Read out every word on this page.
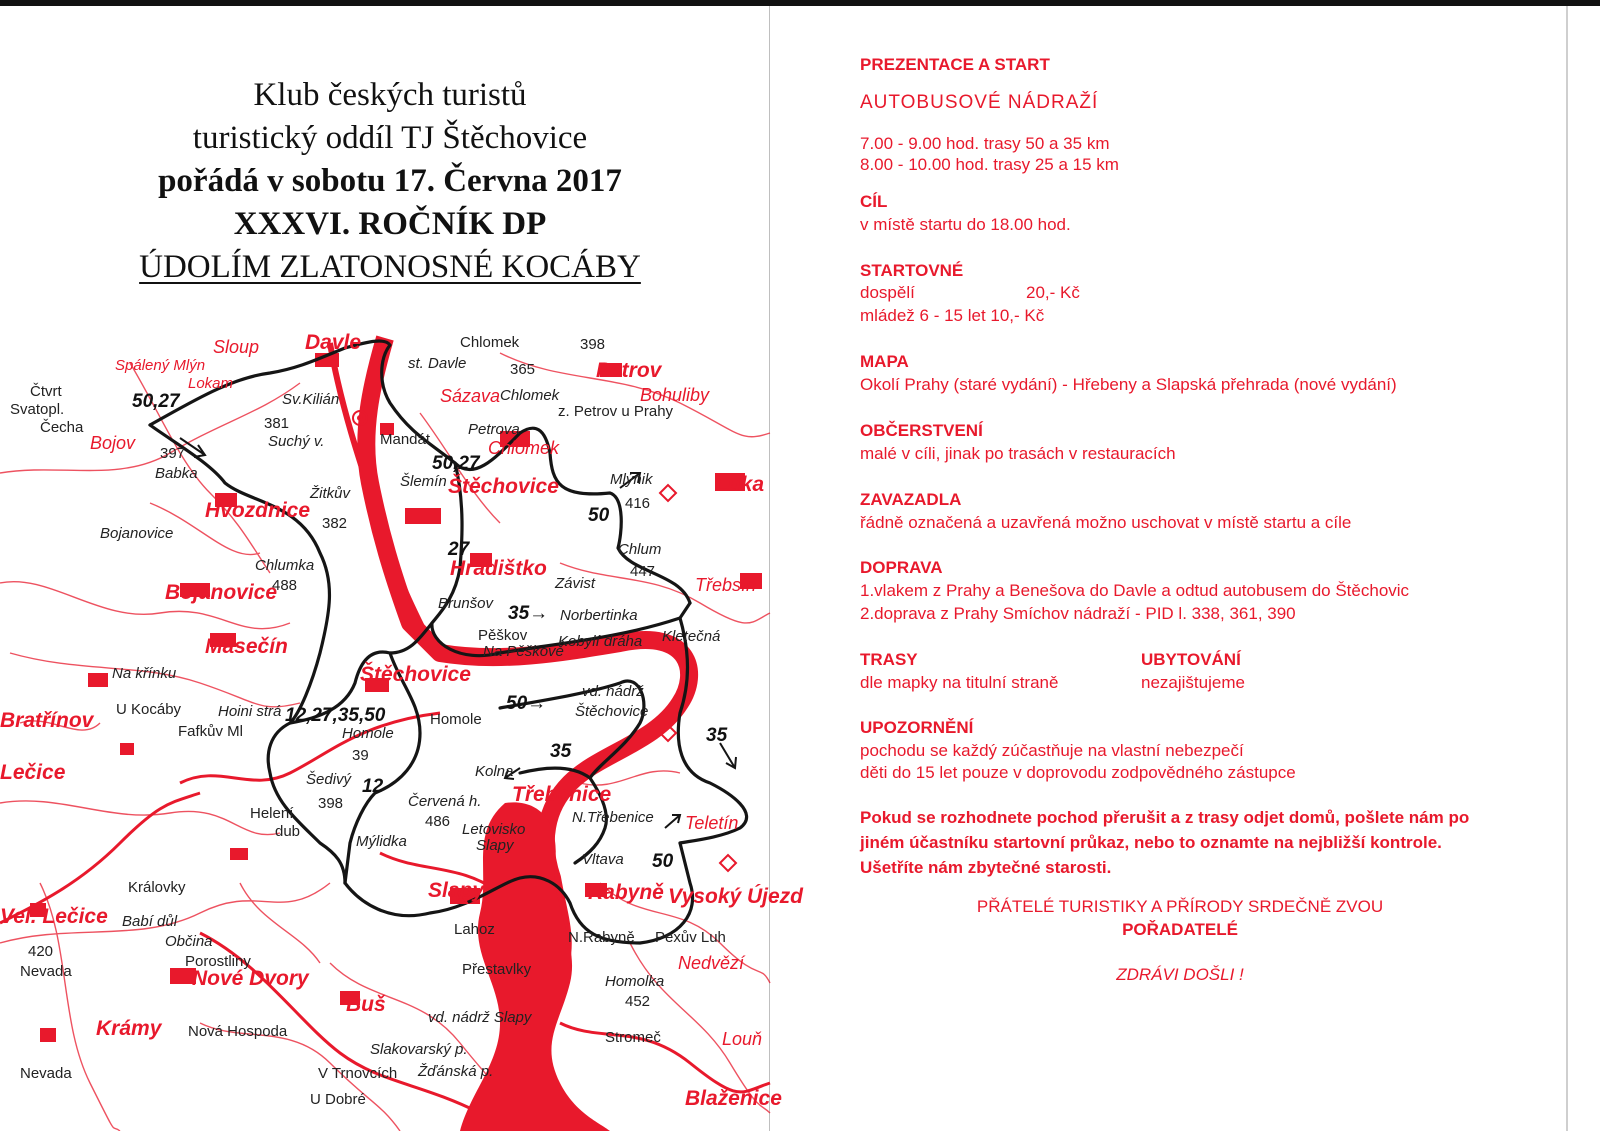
Klub českých turistů
turistický oddíl TJ Štěchovice
pořádá v sobotu 17. Června 2017
XXXVI. ROČNÍK DP
ÚDOLÍM ZLATONOSNÉ KOCÁBY
Sloup Davle	Chlomek	398
Petrov
Bohuliby
Spálený Mlýn
Lokam
Čtvrt
Svatopl.
Čecha
Sv.Kilián
st. Davle	365
Sázava Chlomek
z. Petrov u Prahy
Bojov
381
Suchý v.	Mandát
Šlemín
Petrova
Chlomek
397
Babka	Mlýnik
416
Luka
Štěchovice
Hvozdnice
Žitkův
382
Bojanovice
Chlumka
488
Hradištko
Chlum
447
Závist	Třebsín
Bojanovice	Brunšov
Norbertinka
Pěškov
Na Pěškově
Kobylí dráha Kletečná
Masečín
Na křínku	Štěchovice
vd. nádrž
Štěchovice
Bratřínov U Kocáby
Homole
Fafkův Ml
Hoini strá
Homole
Šedivý
39
Lečice
398
Kolna
Třebenice
Helení
dub
Červená h.
486 Letovisko
Slapy
N.Třebenice Teletín
Mýlidka
Vltava
Slapy	Rabyně Vysoký Újezd
Královky
Vel. Lečice Babí důl	Lahoz
420
Nevada
Občina	N.Rabyně Pexův Luh
Porostliny	Nedvězí
Nové Dvory	Přestavlky
Homolka
452
Buš
Krámy Nová Hospoda
vd. nádrž Slapy
Stromeč	Louň
Slakovarský p.
Žďánská p.
Nevada	V Trnovcích
U Dobré	Blaženice
50,27
50,27
50
27
35→
50→
35
12,27,35,50
12
35
50
PREZENTACE A START
AUTOBUSOVÉ NÁDRAŽÍ
7.00 - 9.00 hod. trasy 50 a 35 km
8.00 - 10.00 hod. trasy 25 a 15 km
CÍL
v místě startu do 18.00 hod.
STARTOVNÉ
dospělí	20,- Kč
mládež 6 - 15 let 10,- Kč
MAPA
Okolí Prahy (staré vydání) - Hřebeny a Slapská přehrada (nové vydání)
OBČERSTVENÍ
malé v cíli, jinak po trasách v restauracích
ZAVAZADLA
řádně označená a uzavřená možno uschovat v místě startu a cíle
DOPRAVA
1.vlakem z Prahy a Benešova do Davle a odtud autobusem do Štěchovic
2.doprava z Prahy Smíchov nádraží - PID l. 338, 361, 390
TRASY
dle mapky na titulní straně
UBYTOVÁNÍ
nezajištujeme
UPOZORNĚNÍ
pochodu se každý zúčastňuje na vlastní nebezpečí
děti do 15 let pouze v doprovodu zodpovědného zástupce
Pokud se rozhodnete pochod přerušit a z trasy odjet domů, pošlete nám po jiném účastníku startovní průkaz, nebo to oznamte na nejbližší kontrole. Ušetříte nám zbytečné starosti.
PŘÁTELÉ TURISTIKY A PŘÍRODY SRDEČNĚ ZVOU
POŘADATELÉ
ZDRÁVI DOŠLI !
